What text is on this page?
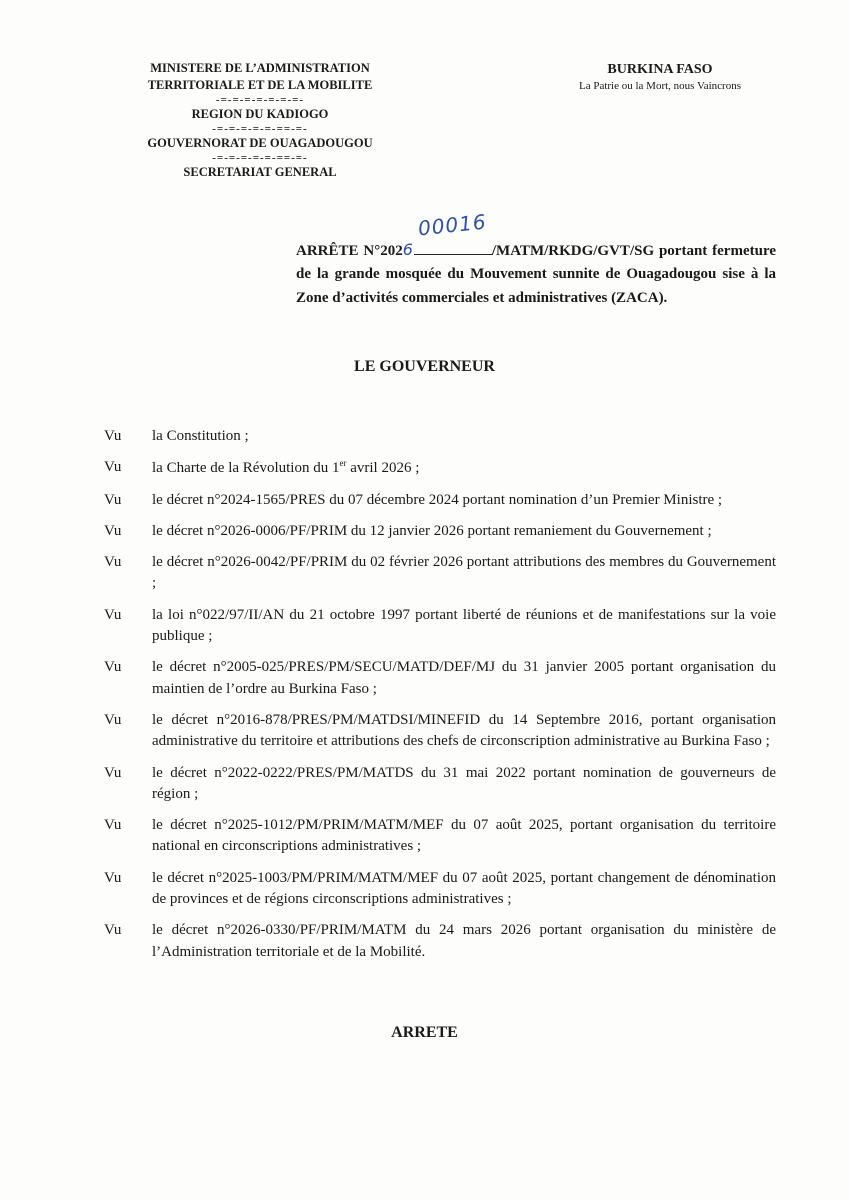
MINISTERE DE L’ADMINISTRATION
TERRITORIALE ET DE LA MOBILITE
-=-=-=-=-=-=-=-
REGION DU KADIOGO
-=-=-=-=-=-==-=-
GOUVERNORAT DE OUAGADOUGOU
-=-=-=-=-=-==-=-
SECRETARIAT GENERAL
BURKINA FASO
La Patrie ou la Mort, nous Vaincrons
ARRÊTE N°2026
00016
/MATM/RKDG/GVT/SG portant fermeture de la grande mosquée du Mouvement sunnite de Ouagadougou sise à la Zone d’activités commerciales et administratives (ZACA).
LE GOUVERNEUR
Vu	la Constitution ;
Vu	la Charte de la Révolution du 1er avril 2026 ;
Vu	le décret n°2024-1565/PRES du 07 décembre 2024 portant nomination d’un Premier Ministre ;
Vu	le décret n°2026-0006/PF/PRIM du 12 janvier 2026 portant remaniement du Gouvernement ;
Vu	le décret n°2026-0042/PF/PRIM du 02 février 2026 portant attributions des membres du Gouvernement ;
Vu	la loi n°022/97/II/AN du 21 octobre 1997 portant liberté de réunions et de manifestations sur la voie publique ;
Vu	le décret n°2005-025/PRES/PM/SECU/MATD/DEF/MJ du 31 janvier 2005 portant organisation du maintien de l’ordre au Burkina Faso ;
Vu	le décret n°2016-878/PRES/PM/MATDSI/MINEFID du 14 Septembre 2016, portant organisation administrative du territoire et attributions des chefs de circonscription administrative au Burkina Faso ;
Vu	le décret n°2022-0222/PRES/PM/MATDS du 31 mai 2022 portant nomination de gouverneurs de région ;
Vu	le décret n°2025-1012/PM/PRIM/MATM/MEF du 07 août 2025, portant organisation du territoire national en circonscriptions administratives ;
Vu	le décret n°2025-1003/PM/PRIM/MATM/MEF du 07 août 2025, portant changement de dénomination de provinces et de régions circonscriptions administratives ;
Vu	le décret n°2026-0330/PF/PRIM/MATM du 24 mars 2026 portant organisation du ministère de l’Administration territoriale et de la Mobilité.
ARRETE
